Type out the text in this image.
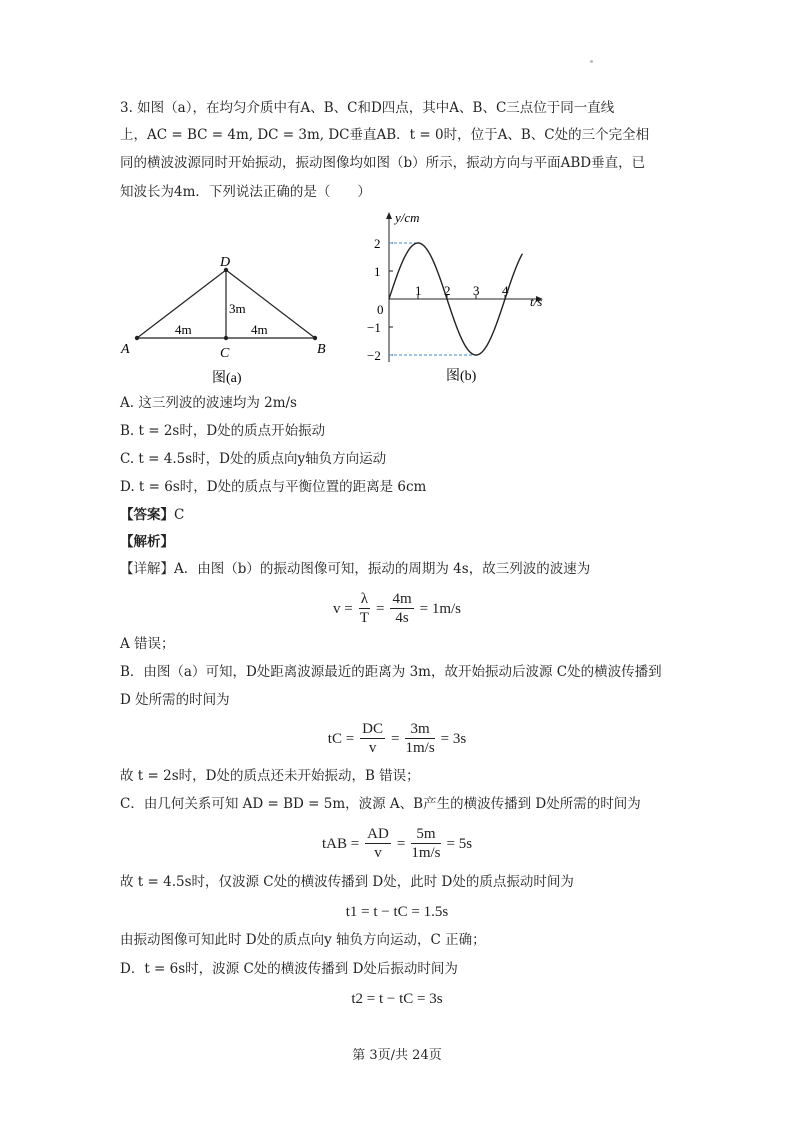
3. 如图（a），在均匀介质中有A、B、C和D四点，其中A、B、C三点位于同一直线
上，AC = BC = 4m, DC = 3m, DC垂直AB．t = 0时，位于A、B、C处的三个完全相
同的横波波源同时开始振动，振动图像均如图（b）所示，振动方向与平面ABD垂直，已
知波长为4m．下列说法正确的是（　　）
D
A	C	B
4m	4m
3m
图(a)
y/cm
t/s
0
2
1
−1
−2
1 2 3 4
图(b)
A. 这三列波的波速均为 2m/s
B. t = 2s时，D处的质点开始振动
C. t = 4.5s时，D处的质点向y轴负方向运动
D. t = 6s时，D处的质点与平衡位置的距离是 6cm
【答案】C
【解析】
【详解】A．由图（b）的振动图像可知，振动的周期为 4s，故三列波的波速为
$v = \frac{\lambda}{T} = \frac{4m}{4s} = 1m/s$
A 错误；
B．由图（a）可知，D处距离波源最近的距离为 3m，故开始振动后波源 C处的横波传播到
D 处所需的时间为
tC = $\frac{DC}{v} = \frac{3m}{1m/s} = 3s$
故 t = 2s时，D处的质点还未开始振动，B 错误；
C．由几何关系可知 AD = BD = 5m，波源 A、B产生的横波传播到 D处所需的时间为
tAB = $\frac{AD}{v} = \frac{5m}{1m/s} = 5s$
故 t = 4.5s时，仅波源 C处的横波传播到 D处，此时 D处的质点振动时间为
t1 = t − tC = 1.5s
由振动图像可知此时 D处的质点向y 轴负方向运动，C 正确；
D．t = 6s时，波源 C处的横波传播到 D处后振动时间为
t2 = t − tC = 3s
第 3页/共 24页
